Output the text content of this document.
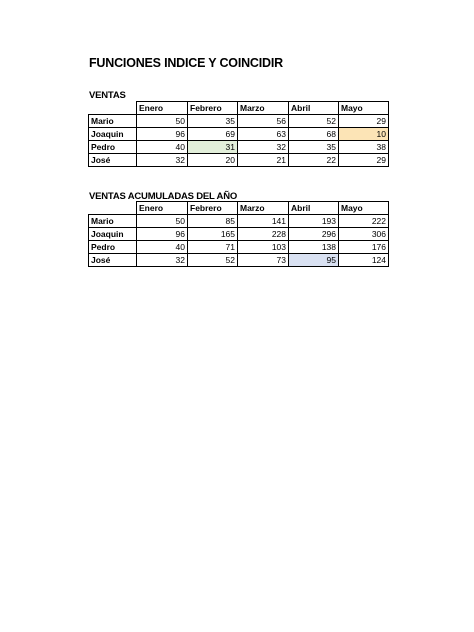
FUNCIONES INDICE Y COINCIDIR
VENTAS
	Enero	Febrero	Marzo	Abril	Mayo
Mario	50	35	56	52	29
Joaquin	96	69	63	68	10
Pedro	40	31	32	35	38
José	32	20	21	22	29
VENTAS ACUMULADAS DEL AÑO
	Enero	Febrero	Marzo	Abril	Mayo
Mario	50	85	141	193	222
Joaquin	96	165	228	296	306
Pedro	40	71	103	138	176
José	32	52	73	95	124
